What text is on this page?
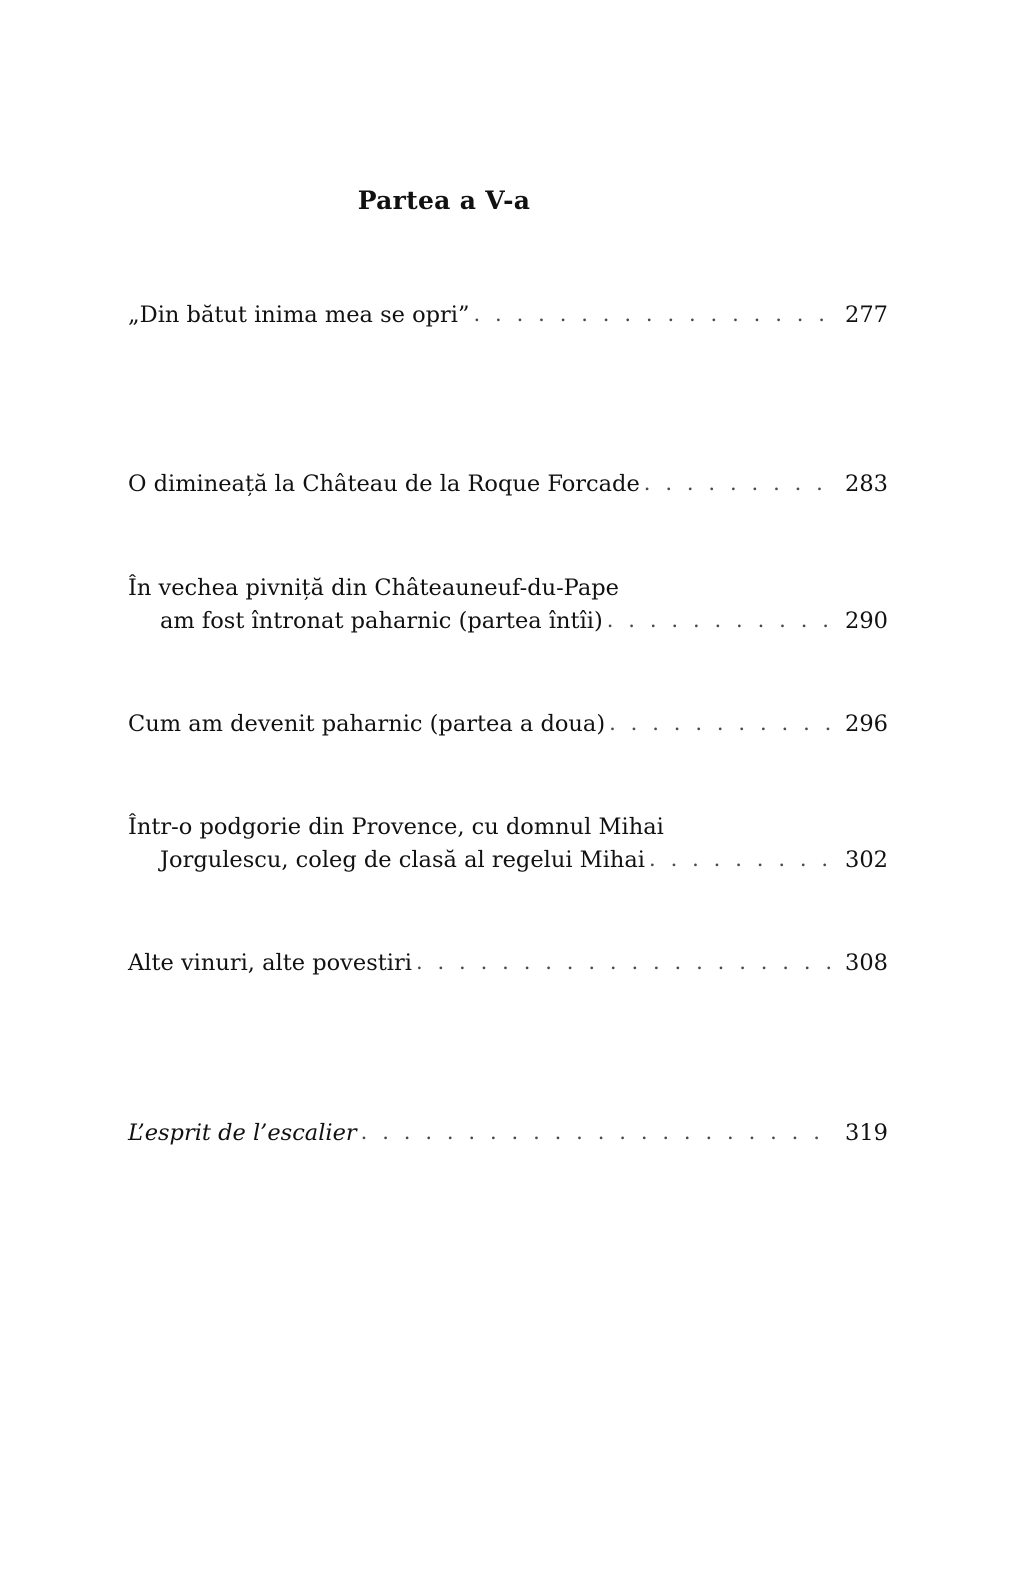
Partea a V-a

„Din bătut inima mea se opri” . . .	277

O dimineață la Château de la Roque Forcade . . .	283

În vechea pivniță din Châteauneuf-du-Pape
am fost întronat paharnic (partea întîi) . . .	290

Cum am devenit paharnic (partea a doua) . . .	296

Într-o podgorie din Provence, cu domnul Mihai
Jorgulescu, coleg de clasă al regelui Mihai . . .	302

Alte vinuri, alte povestiri . . .	308

L’esprit de l’escalier . . .	319
